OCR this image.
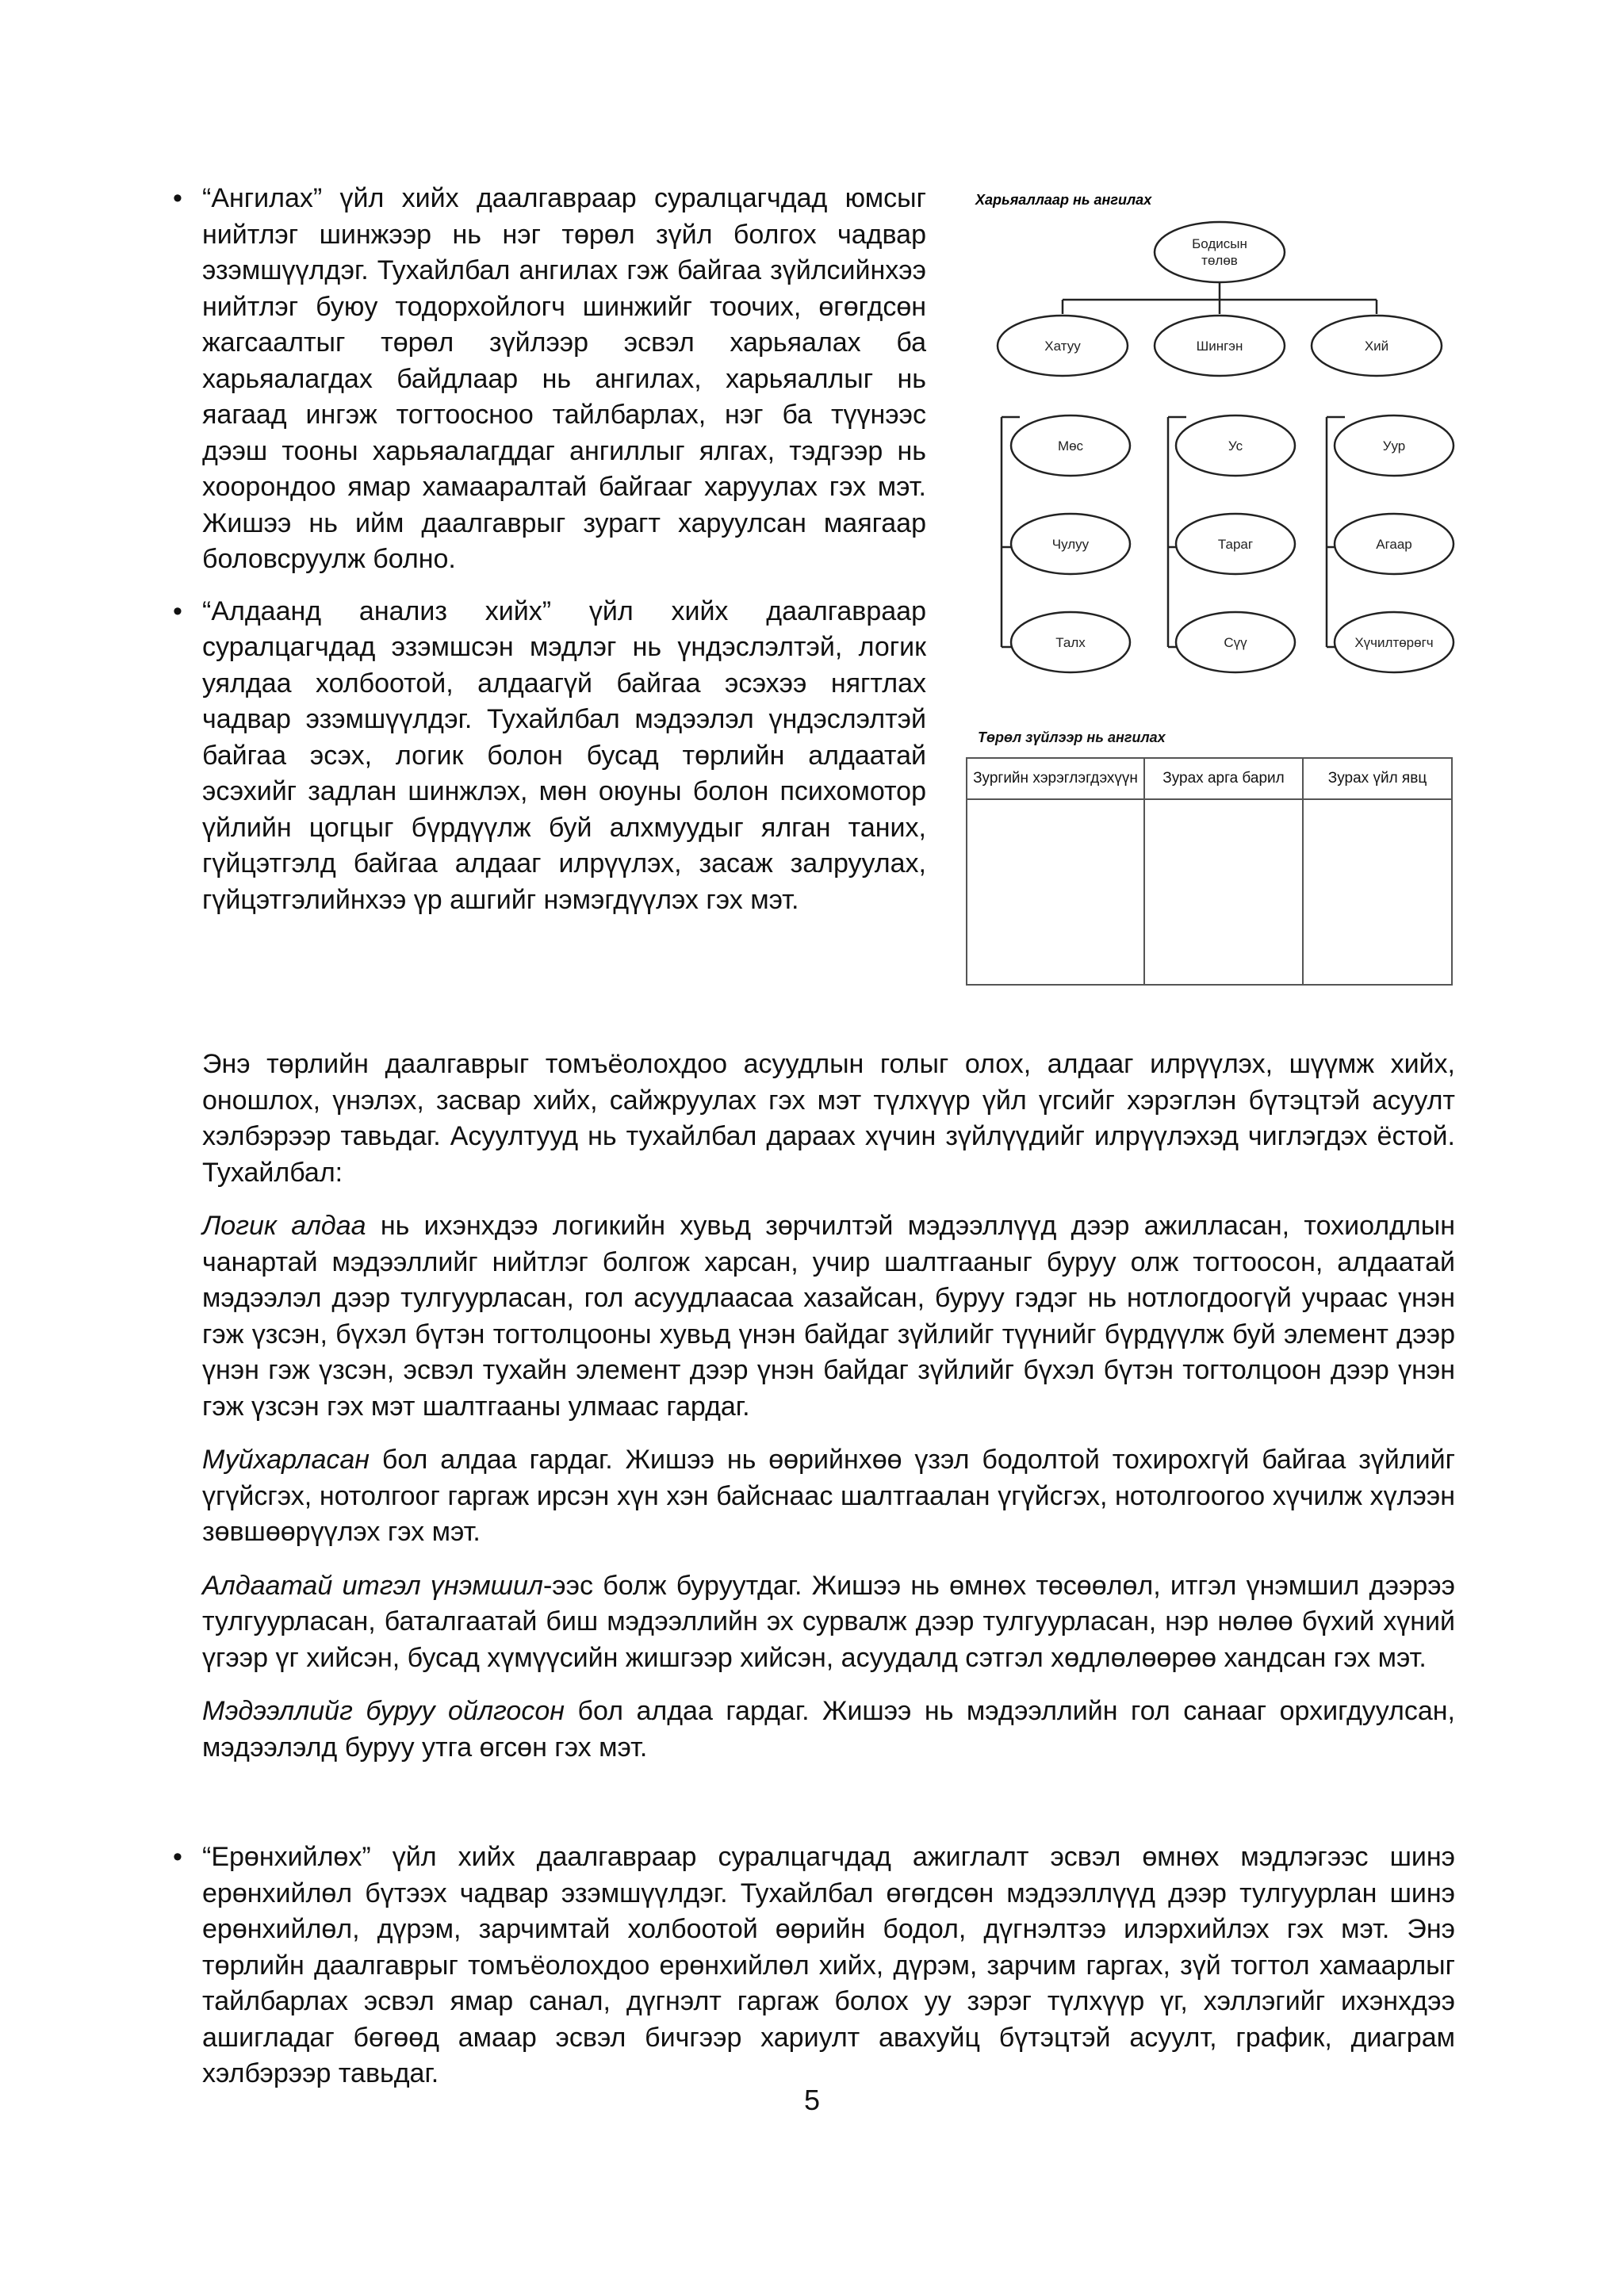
• “Ангилах” үйл хийх даалгавраар суралцагчдад юмсыг нийтлэг шинжээр нь нэг төрөл зүйл болгох чадвар эзэмшүүлдэг. Тухайлбал ангилах гэж байгаа зүйлсийнхээ нийтлэг буюу тодорхойлогч шинжийг тоочих, өгөгдсөн жагсаалтыг төрөл зүйлээр эсвэл харьяалах ба харьяалагдах байдлаар нь ангилах, харьяаллыг нь яагаад ингэж тогтоосноо тайлбарлах, нэг ба түүнээс дээш тооны харьяалагддаг ангиллыг ялгах, тэдгээр нь хоорондоо ямар хамааралтай байгааг харуулах гэх мэт. Жишээ нь ийм даалгаврыг зурагт харуулсан маягаар боловсруулж болно.

• “Алдаанд анализ хийх” үйл хийх даалгавраар суралцагчдад эзэмшсэн мэдлэг нь үндэслэлтэй, логик уялдаа холбоотой, алдаагүй байгаа эсэхээ нягтлах чадвар эзэмшүүлдэг. Тухайлбал мэдээлэл үндэслэлтэй байгаа эсэх, логик болон бусад төрлийн алдаатай эсэхийг задлан шинжлэх, мөн оюуны болон психомотор үйлийн цогцыг бүрдүүлж буй алхмуудыг ялган таних, гүйцэтгэлд байгаа алдааг илрүүлэх, засаж залруулах, гүйцэтгэлийнхээ үр ашгийг нэмэгдүүлэх гэх мэт.

Харьяаллаар нь ангилах
Бодисын
төлөв
Хатуу	Шингэн	Хий
Мөс
Чулуу
Талх
Ус
Тараг
Сүү
Уур
Агаар
Хүчилтөрөгч
Төрөл зүйлээр нь ангилах
Зургийн хэрэглэгдэхүүн	Зурах арга барил	Зурах үйл явц

Энэ төрлийн даалгаврыг томъёолохдоо асуудлын голыг олох, алдааг илрүүлэх, шүүмж хийх, оношлох, үнэлэх, засвар хийх, сайжруулах гэх мэт түлхүүр үйл үгсийг хэрэглэн бүтэцтэй асуулт хэлбэрээр тавьдаг. Асуултууд нь тухайлбал дараах хүчин зүйлүүдийг илрүүлэхэд чиглэгдэх ёстой. Тухайлбал:

Логик алдаа нь ихэнхдээ логикийн хувьд зөрчилтэй мэдээллүүд дээр ажилласан, тохиолдлын чанартай мэдээллийг нийтлэг болгож харсан, учир шалтгааныг буруу олж тогтоосон, алдаатай мэдээлэл дээр тулгуурласан, гол асуудлаасаа хазайсан, буруу гэдэг нь нотлогдоогүй учраас үнэн гэж үзсэн, бүхэл бүтэн тогтолцооны хувьд үнэн байдаг зүйлийг түүнийг бүрдүүлж буй элемент дээр үнэн гэж үзсэн, эсвэл тухайн элемент дээр үнэн байдаг зүйлийг бүхэл бүтэн тогтолцоон дээр үнэн гэж үзсэн гэх мэт шалтгааны улмаас гардаг.

Муйхарласан бол алдаа гардаг. Жишээ нь өөрийнхөө үзэл бодолтой тохирохгүй байгаа зүйлийг үгүйсгэх, нотолгоог гаргаж ирсэн хүн хэн байснаас шалтгаалан үгүйсгэх, нотолгоогоо хүчилж хүлээн зөвшөөрүүлэх гэх мэт.

Алдаатай итгэл үнэмшил-ээс болж буруутдаг. Жишээ нь өмнөх төсөөлөл, итгэл үнэмшил дээрээ тулгуурласан, баталгаатай биш мэдээллийн эх сурвалж дээр тулгуурласан, нэр нөлөө бүхий хүний үгээр үг хийсэн, бусад хүмүүсийн жишгээр хийсэн, асуудалд сэтгэл хөдлөлөөрөө хандсан гэх мэт.

Мэдээллийг буруу ойлгосон бол алдаа гардаг. Жишээ нь мэдээллийн гол санааг орхигдуулсан, мэдээлэлд буруу утга өгсөн гэх мэт.

• “Ерөнхийлөх” үйл хийх даалгавраар суралцагчдад ажиглалт эсвэл өмнөх мэдлэгээс шинэ ерөнхийлөл бүтээх чадвар эзэмшүүлдэг. Тухайлбал өгөгдсөн мэдээллүүд дээр тулгуурлан шинэ ерөнхийлөл, дүрэм, зарчимтай холбоотой өөрийн бодол, дүгнэлтээ илэрхийлэх гэх мэт. Энэ төрлийн даалгаврыг томъёолохдоо ерөнхийлөл хийх, дүрэм, зарчим гаргах, зүй тогтол хамаарлыг тайлбарлах эсвэл ямар санал, дүгнэлт гаргаж болох уу зэрэг түлхүүр үг, хэллэгийг ихэнхдээ ашигладаг бөгөөд амаар эсвэл бичгээр хариулт авахуйц бүтэцтэй асуулт, график, диаграм хэлбэрээр тавьдаг.

5
